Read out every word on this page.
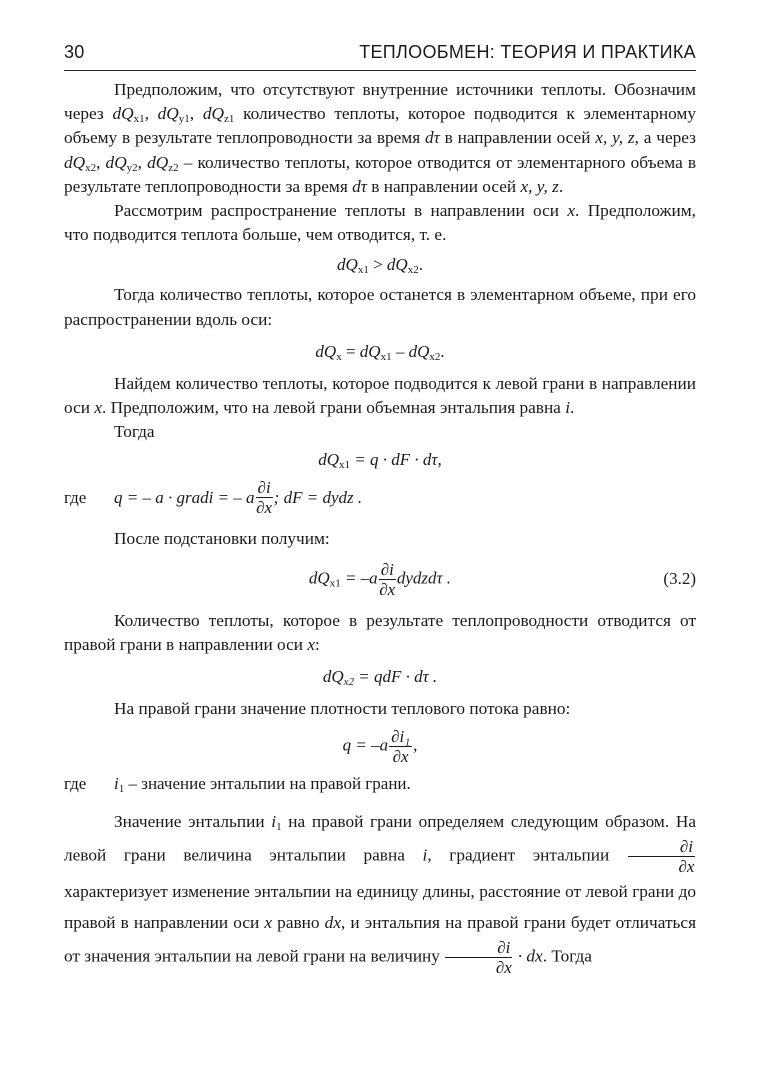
30	ТЕПЛООБМЕН: ТЕОРИЯ И ПРАКТИКА

Предположим, что отсутствуют внутренние источники теплоты. Обозначим через $dQ_{x1}$, $dQ_{y1}$, $dQ_{z1}$ количество теплоты, которое подводится к элементарному объему в результате теплопроводности за время dτ в направлении осей x, y, z, а через $dQ_{x2}$, $dQ_{y2}$, $dQ_{z2}$ – количество теплоты, которое отводится от элементарного объема в результате теплопроводности за время dτ в направлении осей x, y, z.

Рассмотрим распространение теплоты в направлении оси x. Предположим, что подводится теплота больше, чем отводится, т. е.

$dQ_{x1} > dQ_{x2}$.

Тогда количество теплоты, которое останется в элементарном объеме, при его распространении вдоль оси:

$dQ_x = dQ_{x1} - dQ_{x2}$.

Найдем количество теплоты, которое подводится к левой грани в направлении оси x. Предположим, что на левой грани объемная энтальпия равна i.

Тогда

$dQ_{x1} = q$ · dF · dτ,

где	q = – a · gradi = – a $\frac{\partial i}{\partial x}$ ; dF = dydz .

После подстановки получим:

$dQ_{x1} = -a \frac{\partial i}{\partial x}$ dydzdτ .	(3.2)

Количество теплоты, которое в результате теплопроводности отводится от правой грани в направлении оси x:

$dQ_{x2}$ = qdF · dτ .

На правой грани значение плотности теплового потока равно:

$q = -a \frac{\text{∂i₁}}{\partial x}$ ,
где	$i_1$ – значение энтальпии на правой грани.

Значение энтальпии $i_1$ на правой грани определяем следующим образом. На левой грани величина энтальпии равна i, градиент энтальпии $\frac{\partial i}{\partial x}$
характеризует изменение энтальпии на единицу длины, расстояние от левой грани до правой в направлении оси x равно dx, и энтальпия на правой грани будет отличаться от значения энтальпии на левой грани на величину $\frac{\partial i}{\partial x}$ · dx. Тогда
